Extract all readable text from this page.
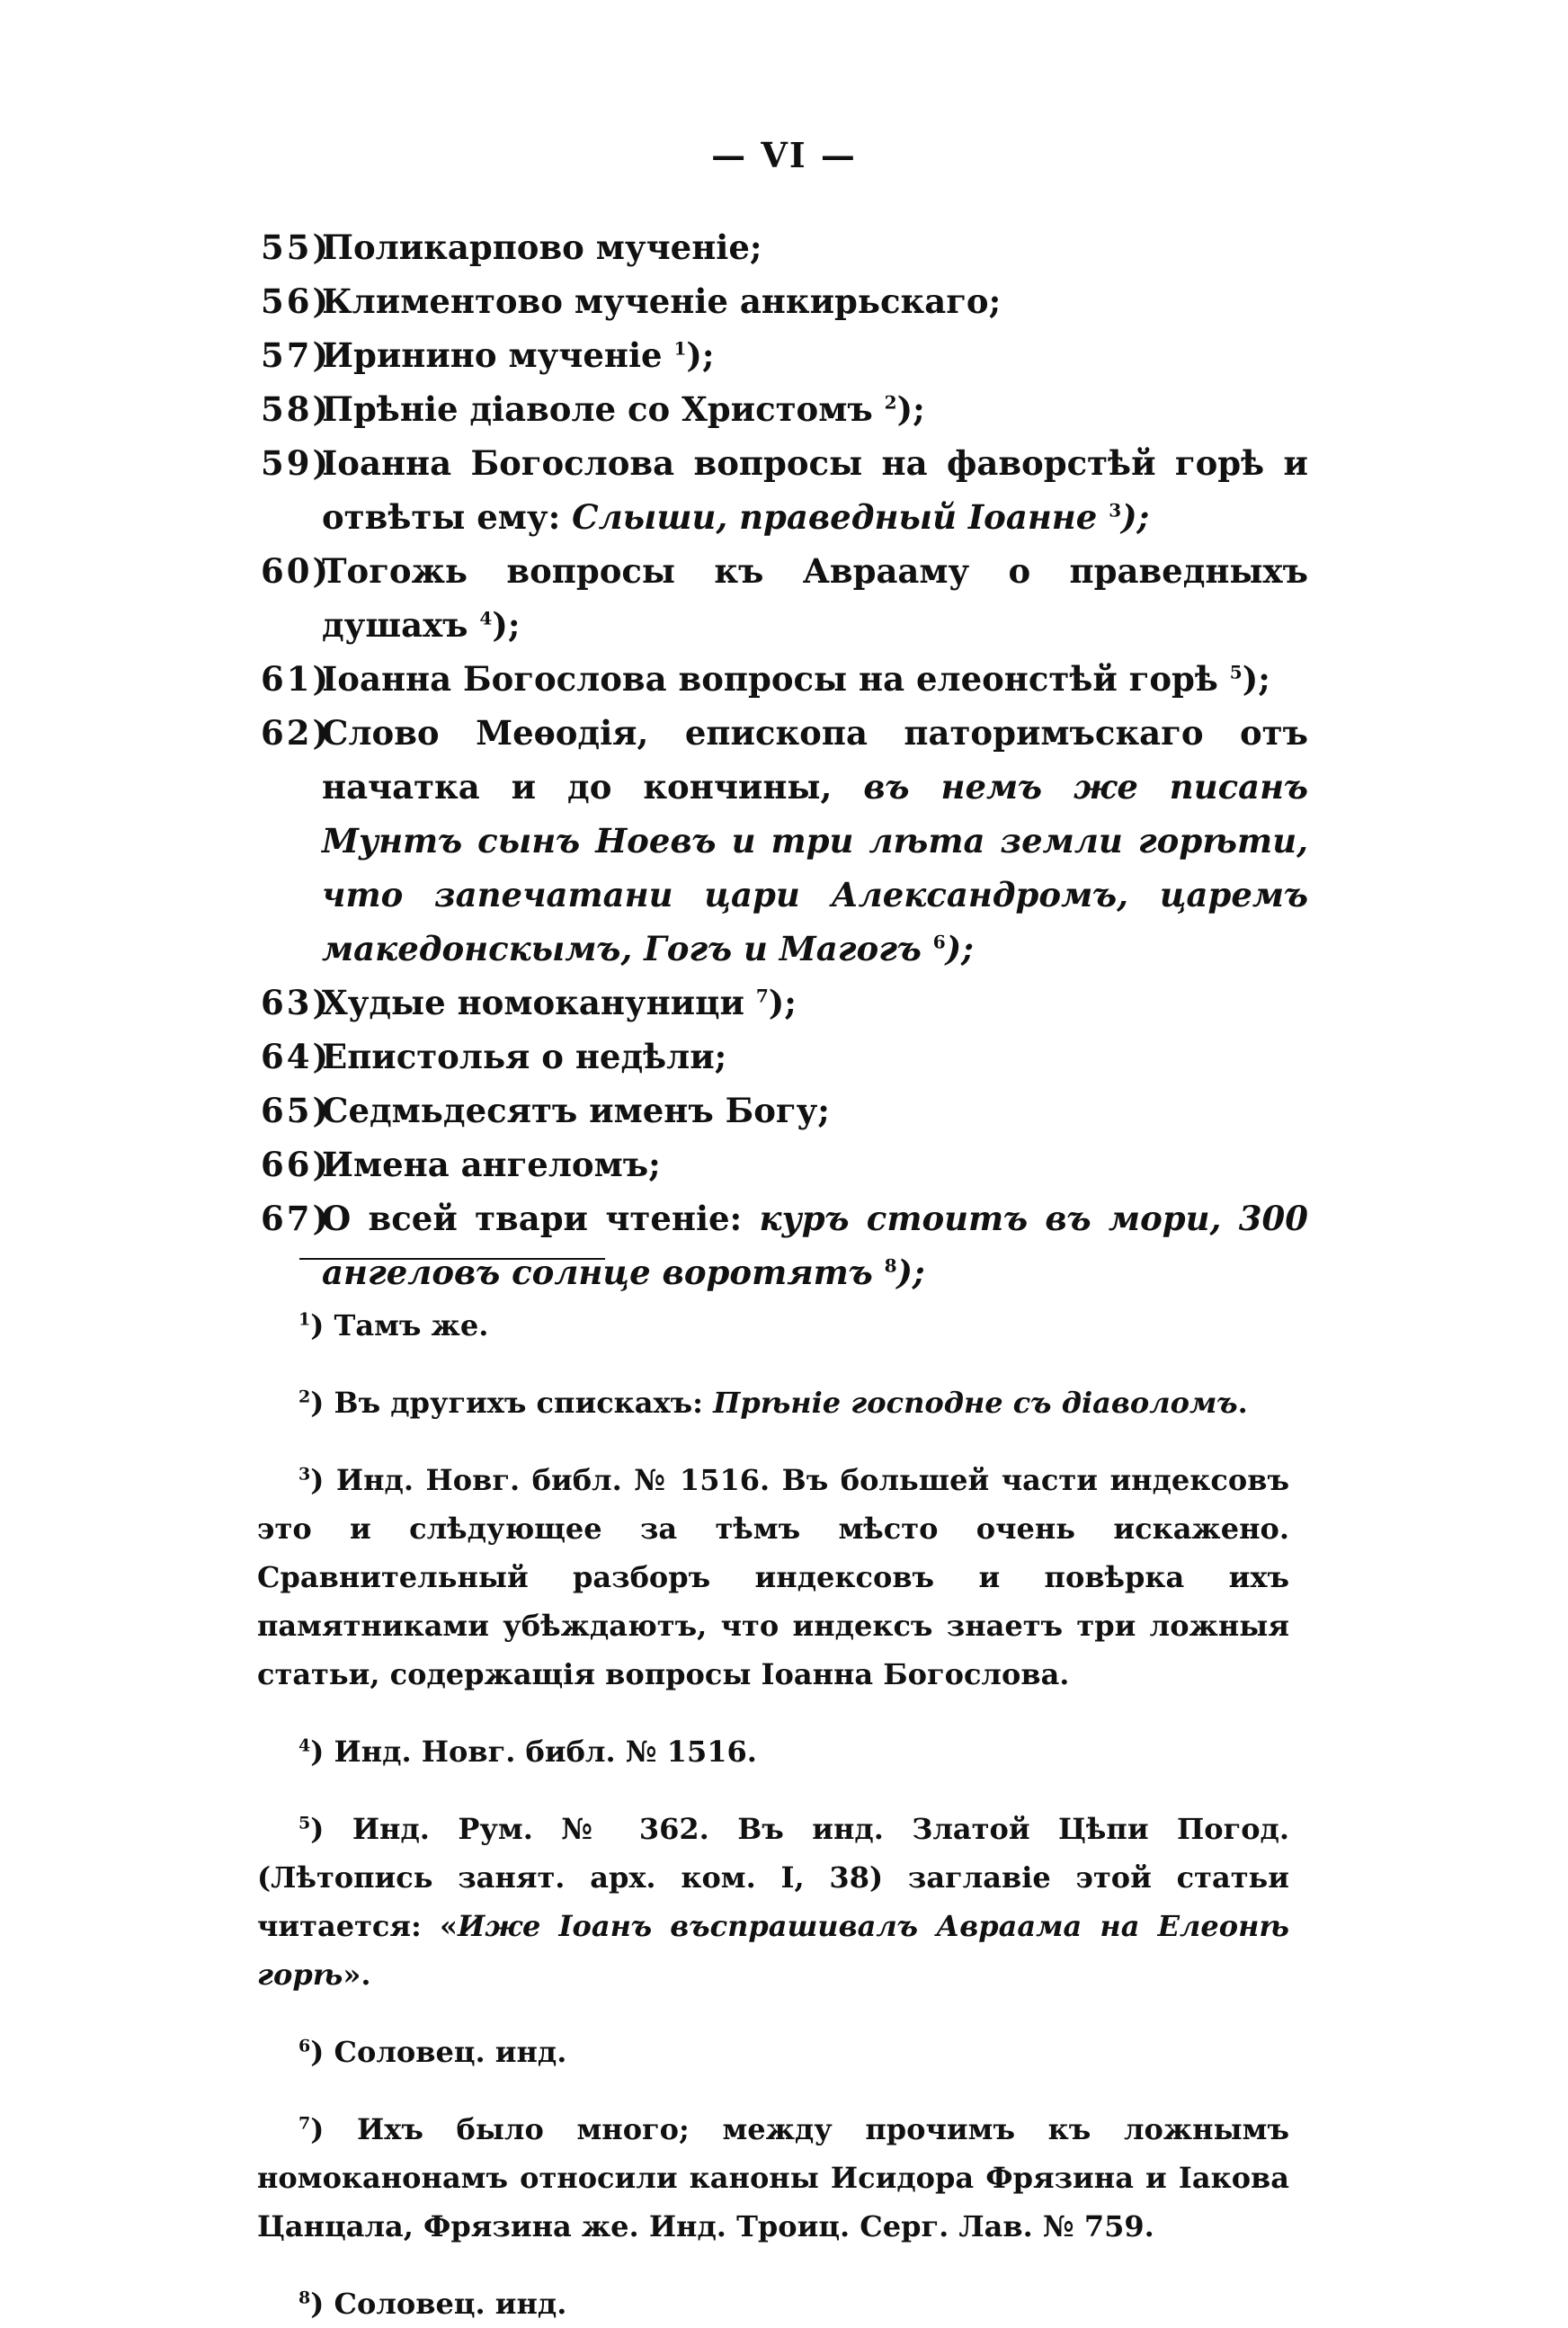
— VI —
55)Поликарпово мученіе;
56)Климентово мученіе анкирьскаго;
57)Иринино мученіе $^1$);
58)Прѣніе діаволе со Христомъ $^2$);
59)Іоанна Богослова вопросы на фаворстѣй горѣ и отвѣты ему: Слыши, праведный Іоанне $^3$);
60)Тогожь вопросы къ Аврааму о праведныхъ душахъ $^4$);
61)Іоанна Богослова вопросы на елеонстѣй горѣ $^5$);
62)Слово Меѳодія, епископа паторимъскаго отъ начатка и до кончины, въ немъ же писанъ Мунтъ сынъ Ноевъ и три лѣта земли горѣти, что запечатани цари Александромъ, царемъ македонскымъ, Гогъ и Магогъ $^6$);
63)Худые номокануници $^7$);
64)Епистолья о недѣли;
65)Седмьдесятъ именъ Богу;
66)Имена ангеломъ;
67)О всей твари чтеніе: куръ стоитъ въ мори, 300 ангеловъ солнце воротятъ $^8$);

$^1$) Тамъ же.

$^2$) Въ другихъ спискахъ: Прѣніе господне съ діаволомъ.

$^3$) Инд. Новг. библ. № 1516. Въ большей части индексовъ это и слѣдующее за тѣмъ мѣсто очень искажено. Сравнительный разборъ индексовъ и повѣрка ихъ памятниками убѣждаютъ, что индексъ знаетъ три ложныя статьи, содержащія вопросы Іоанна Богослова.

$^4$) Инд. Новг. библ. № 1516.

$^5$) Инд. Рум. № 362. Въ инд. Златой Цѣпи Погод. (Лѣтопись занят. арх. ком. I, 38) заглавіе этой статьи читается: «Иже Іоанъ въспрашивалъ Авраама на Елеонѣ горѣ».

$^6$) Соловец. инд.

$^7$) Ихъ было много; между прочимъ къ ложнымъ номоканонамъ относили каноны Исидора Фрязина и Іакова Цанцала, Фрязина же. Инд. Троиц. Серг. Лав. № 759.

$^8$) Соловец. инд.
